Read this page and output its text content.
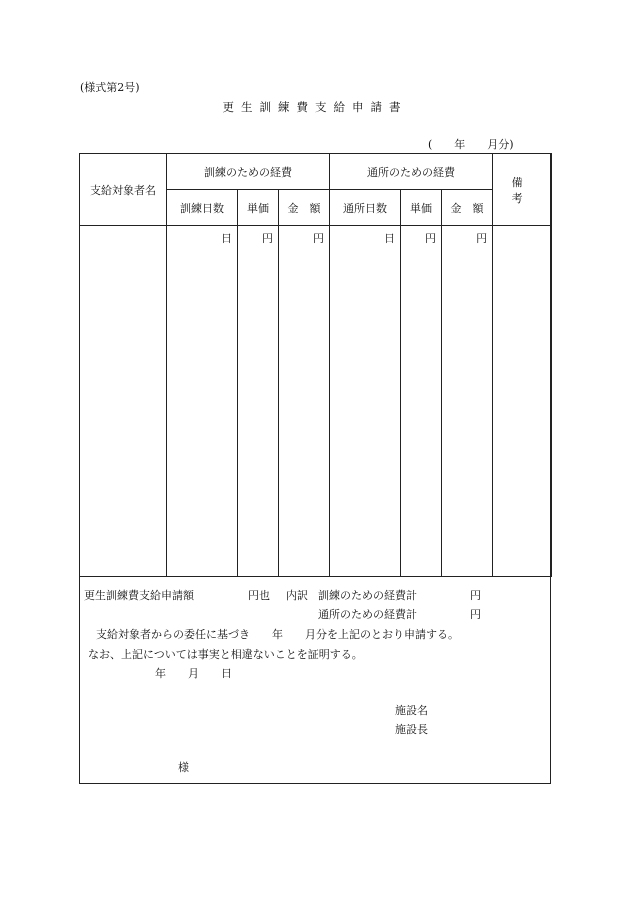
(様式第2号)
更生訓練費支給申請書
(　　年　　月分)
支給対象者名	訓練のための経費			通所のための経費			備考
	訓練日数	単価	金　額	通所日数	単価	金　額	

	日	円	円	日	円	円	

更生訓練費支給申請額	円也 内訳 訓練のための経費計	円
通所のための経費計	円
支給対象者からの委任に基づき　　年　　月分を上記のとおり申請する。
なお、上記については事実と相違ないことを証明する。
年　　月　　日
施設名
施設長
様
